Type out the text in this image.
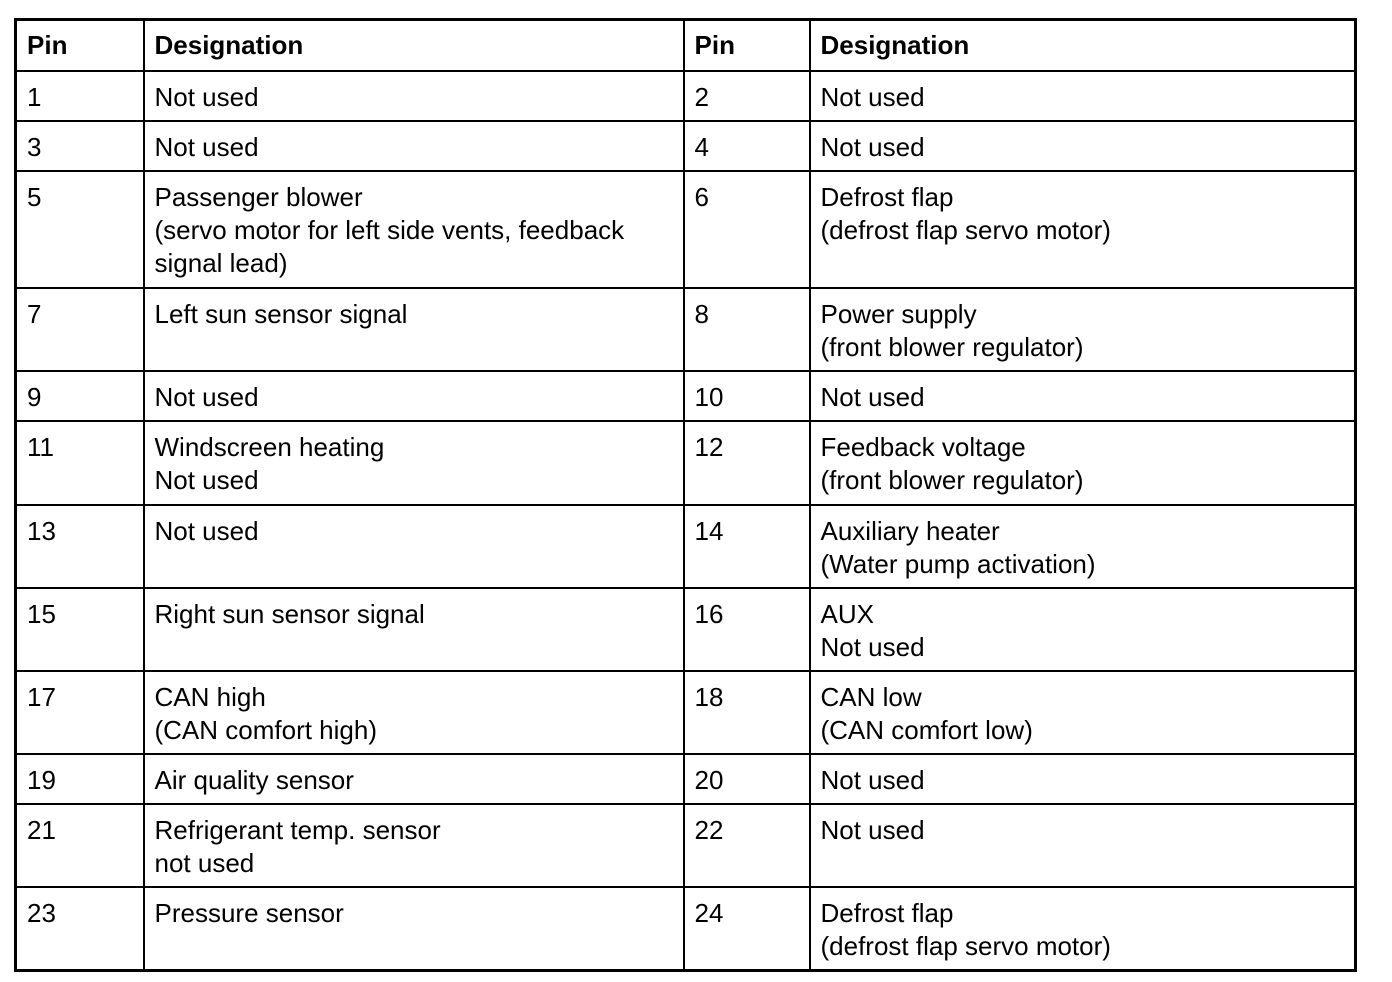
Pin	Designation	Pin	Designation
1	Not used	2	Not used

3	Not used	4	Not used

5	Passenger blower
(servo motor for left side vents, feedback
signal lead)	6	Defrost flap
(defrost flap servo motor)

7	Left sun sensor signal	8	Power supply
(front blower regulator)

9	Not used	10	Not used

11	Windscreen heating
Not used	12	Feedback voltage
(front blower regulator)

13	Not used	14	Auxiliary heater
(Water pump activation)

15	Right sun sensor signal	16	AUX
Not used

17	CAN high
(CAN comfort high)	18	CAN low
(CAN comfort low)

19	Air quality sensor	20	Not used

21	Refrigerant temp. sensor
not used	22	Not used

23	Pressure sensor	24	Defrost flap
(defrost flap servo motor)
